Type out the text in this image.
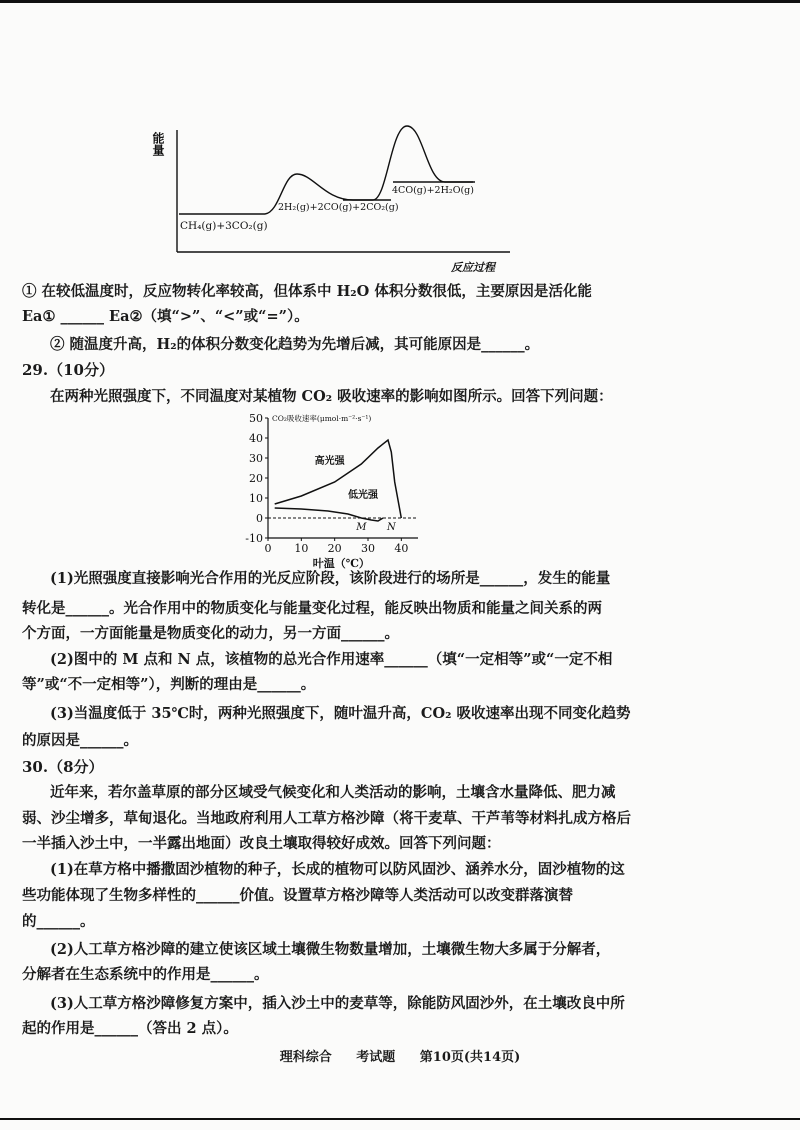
能量
CH₄(g)+3CO₂(g)
2H₂(g)+2CO(g)+2CO₂(g)
4CO(g)+2H₂O(g)
反应过程
① 在较低温度时，反应物转化率较高，但体系中 H₂O 体积分数很低，主要原因是活化能
Ea① ______ Ea②（填“>”、“<”或“=”）。
② 随温度升高，H₂的体积分数变化趋势为先增后减，其可能原因是______。
29.（10分）
在两种光照强度下，不同温度对某植物 CO₂ 吸收速率的影响如图所示。回答下列问题：
CO₂吸收速率(μmol·m⁻²·s⁻¹)
50
40
30
20
10
0
-10
0 10 20 30 40
叶温（℃）
高光强
低光强
M N
(1)光照强度直接影响光合作用的光反应阶段，该阶段进行的场所是______，发生的能量
转化是______。光合作用中的物质变化与能量变化过程，能反映出物质和能量之间关系的两
个方面，一方面能量是物质变化的动力，另一方面______。
(2)图中的 M 点和 N 点，该植物的总光合作用速率______（填“一定相等”或“一定不相
等”或“不一定相等”），判断的理由是______。
(3)当温度低于 35℃时，两种光照强度下，随叶温升高，CO₂ 吸收速率出现不同变化趋势
的原因是______。
30.（8分）
近年来，若尔盖草原的部分区域受气候变化和人类活动的影响，土壤含水量降低、肥力减
弱、沙尘增多，草甸退化。当地政府利用人工草方格沙障（将干麦草、干芦苇等材料扎成方格后
一半插入沙土中，一半露出地面）改良土壤取得较好成效。回答下列问题：
(1)在草方格中播撒固沙植物的种子，长成的植物可以防风固沙、涵养水分，固沙植物的这
些功能体现了生物多样性的______价值。设置草方格沙障等人类活动可以改变群落演替
的______。
(2)人工草方格沙障的建立使该区域土壤微生物数量增加，土壤微生物大多属于分解者，
分解者在生态系统中的作用是______。
(3)人工草方格沙障修复方案中，插入沙土中的麦草等，除能防风固沙外，在土壤改良中所
起的作用是______（答出 2 点）。
理科综合 考试题 第10页(共14页)
